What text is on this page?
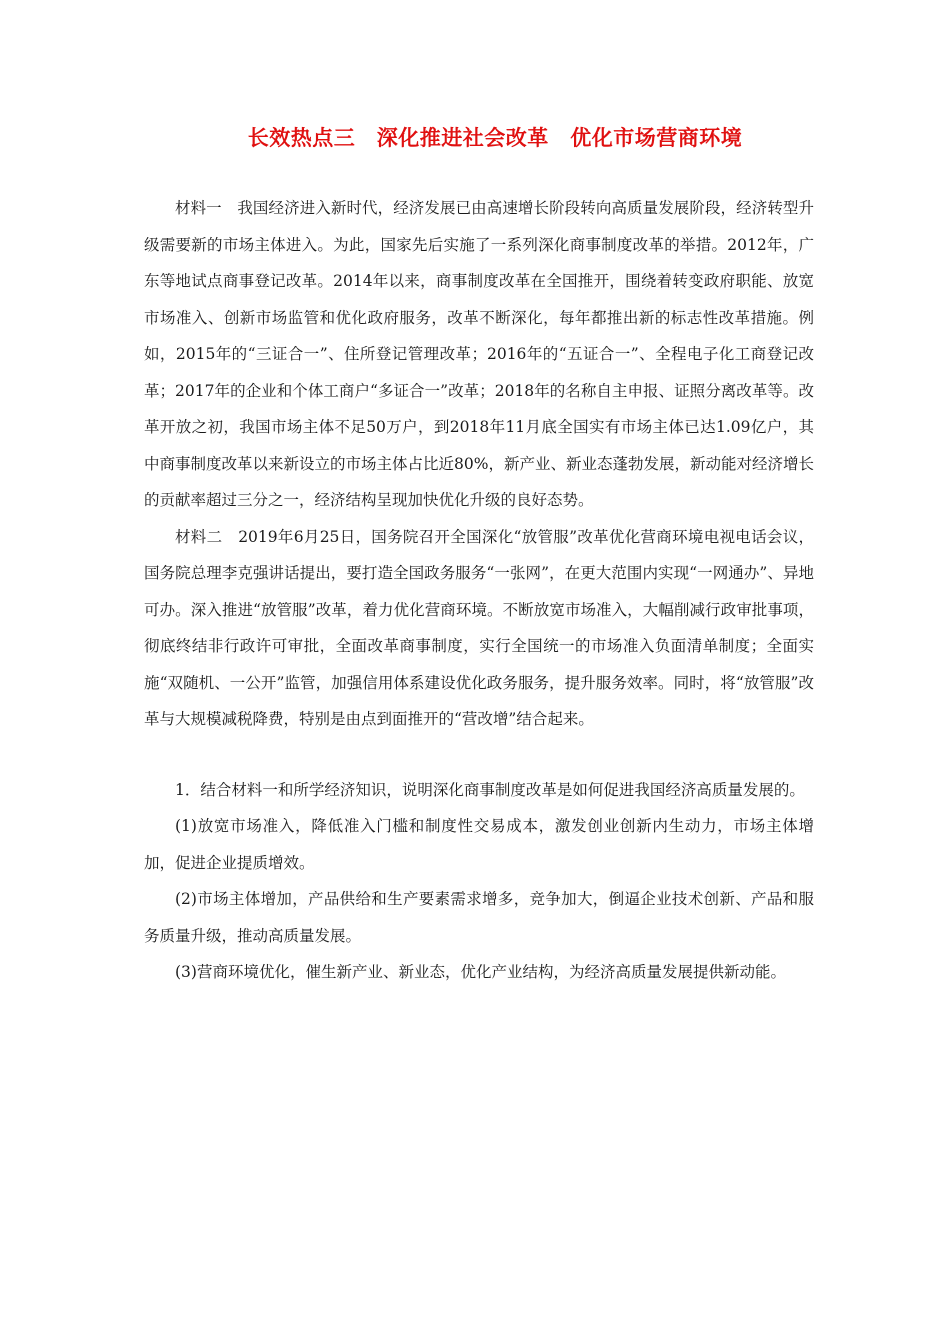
长效热点三　深化推进社会改革　优化市场营商环境

材料一　我国经济进入新时代，经济发展已由高速增长阶段转向高质量发展阶段，经济转型升级需要新的市场主体进入。为此，国家先后实施了一系列深化商事制度改革的举措。2012年，广东等地试点商事登记改革。2014年以来，商事制度改革在全国推开，围绕着转变政府职能、放宽市场准入、创新市场监管和优化政府服务，改革不断深化，每年都推出新的标志性改革措施。例如，2015年的“三证合一”、住所登记管理改革；2016年的“五证合一”、全程电子化工商登记改革；2017年的企业和个体工商户“多证合一”改革；2018年的名称自主申报、证照分离改革等。改革开放之初，我国市场主体不足50万户，到2018年11月底全国实有市场主体已达1.09亿户，其中商事制度改革以来新设立的市场主体占比近80%，新产业、新业态蓬勃发展，新动能对经济增长的贡献率超过三分之一，经济结构呈现加快优化升级的良好态势。

材料二　2019年6月25日，国务院召开全国深化“放管服”改革优化营商环境电视电话会议，国务院总理李克强讲话提出，要打造全国政务服务“一张网”，在更大范围内实现“一网通办”、异地可办。深入推进“放管服”改革，着力优化营商环境。不断放宽市场准入，大幅削减行政审批事项，彻底终结非行政许可审批，全面改革商事制度，实行全国统一的市场准入负面清单制度；全面实施“双随机、一公开”监管，加强信用体系建设优化政务服务，提升服务效率。同时，将“放管服”改革与大规模减税降费，特别是由点到面推开的“营改增”结合起来。

1．结合材料一和所学经济知识，说明深化商事制度改革是如何促进我国经济高质量发展的。

(1)放宽市场准入，降低准入门槛和制度性交易成本，激发创业创新内生动力，市场主体增加，促进企业提质增效。

(2)市场主体增加，产品供给和生产要素需求增多，竞争加大，倒逼企业技术创新、产品和服务质量升级，推动高质量发展。

(3)营商环境优化，催生新产业、新业态，优化产业结构，为经济高质量发展提供新动能。
